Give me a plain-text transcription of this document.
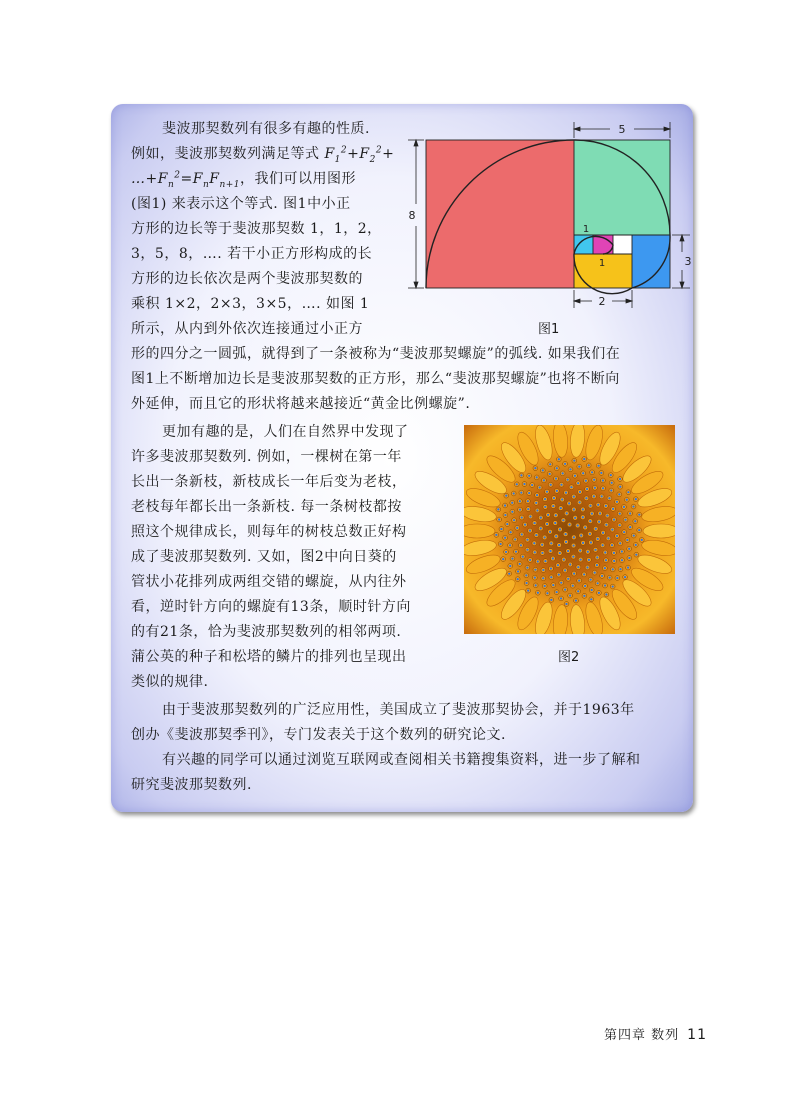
斐波那契数列有很多有趣的性质.
例如，斐波那契数列满足等式 $F_1^2+F_2^2+$
$\dots+F_n^2=F_nF_{n+1}$，我们可以用图形
(图1) 来表示这个等式. 图1中小正
方形的边长等于斐波那契数 1，1，2，
3，5，8，…. 若干小正方形构成的长
方形的边长依次是两个斐波那契数的
乘积 1×2，2×3，3×5，…. 如图 1
所示，从内到外依次连接通过小正方
形的四分之一圆弧，就得到了一条被称为“斐波那契螺旋”的弧线. 如果我们在
图1上不断增加边长是斐波那契数的正方形，那么“斐波那契螺旋”也将不断向
外延伸，而且它的形状将越来越接近“黄金比例螺旋”.
更加有趣的是，人们在自然界中发现了
许多斐波那契数列. 例如，一棵树在第一年
长出一条新枝，新枝成长一年后变为老枝，
老枝每年都长出一条新枝. 每一条树枝都按
照这个规律成长，则每年的树枝总数正好构
成了斐波那契数列. 又如，图2中向日葵的
管状小花排列成两组交错的螺旋，从内往外
看，逆时针方向的螺旋有13条，顺时针方向
的有21条，恰为斐波那契数列的相邻两项.
蒲公英的种子和松塔的鳞片的排列也呈现出
类似的规律.
由于斐波那契数列的广泛应用性，美国成立了斐波那契协会，并于1963年
创办《斐波那契季刊》，专门发表关于这个数列的研究论文.
有兴趣的同学可以通过浏览互联网或查阅相关书籍搜集资料，进一步了解和
研究斐波那契数列.
5
8
3
2
1
1
图1
图2
第四章 数列 11
